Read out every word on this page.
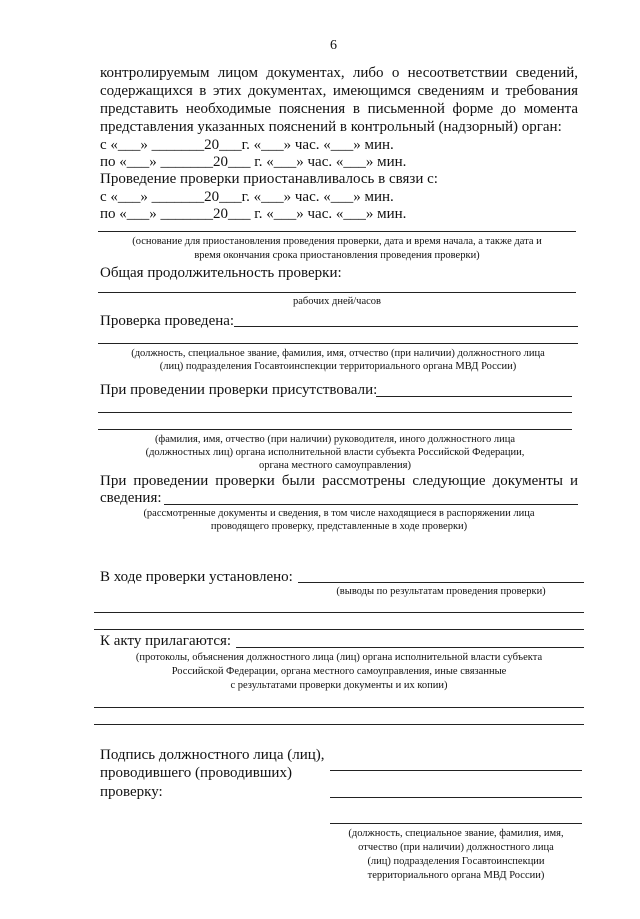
6
контролируемым лицом документах, либо о несоответствии сведений,
содержащихся в этих документах, имеющимся сведениям и требования
представить необходимые пояснения в письменной форме до момента
представления указанных пояснений в контрольный (надзорный) орган:
с «___» _______20___г. «___» час. «___» мин.
по «___» _______20___ г. «___» час. «___» мин.
Проведение проверки приостанавливалось в связи с:
с «___» _______20___г. «___» час. «___» мин.
по «___» _______20___ г. «___» час. «___» мин.
(основание для приостановления проведения проверки, дата и время начала, а также дата и
время окончания срока приостановления проведения проверки)
Общая продолжительность проверки:
рабочих дней/часов
Проверка проведена:
(должность, специальное звание, фамилия, имя, отчество (при наличии) должностного лица
(лиц) подразделения Госавтоинспекции территориального органа МВД России)
При проведении проверки присутствовали:
(фамилия, имя, отчество (при наличии) руководителя, иного должностного лица
(должностных лиц) органа исполнительной власти субъекта Российской Федерации,
органа местного самоуправления)
При проведении проверки были рассмотрены следующие документы и
сведения:
(рассмотренные документы и сведения, в том числе находящиеся в распоряжении лица
проводящего проверку, представленные в ходе проверки)
В ходе проверки установлено:
(выводы по результатам проведения проверки)
К акту прилагаются:
(протоколы, объяснения должностного лица (лиц) органа исполнительной власти субъекта
Российской Федерации, органа местного самоуправления, иные связанные
с результатами проверки документы и их копии)
Подпись должностного лица (лиц),
проводившего (проводивших)
проверку:
(должность, специальное звание, фамилия, имя,
отчество (при наличии) должностного лица
(лиц) подразделения Госавтоинспекции
территориального органа МВД России)
